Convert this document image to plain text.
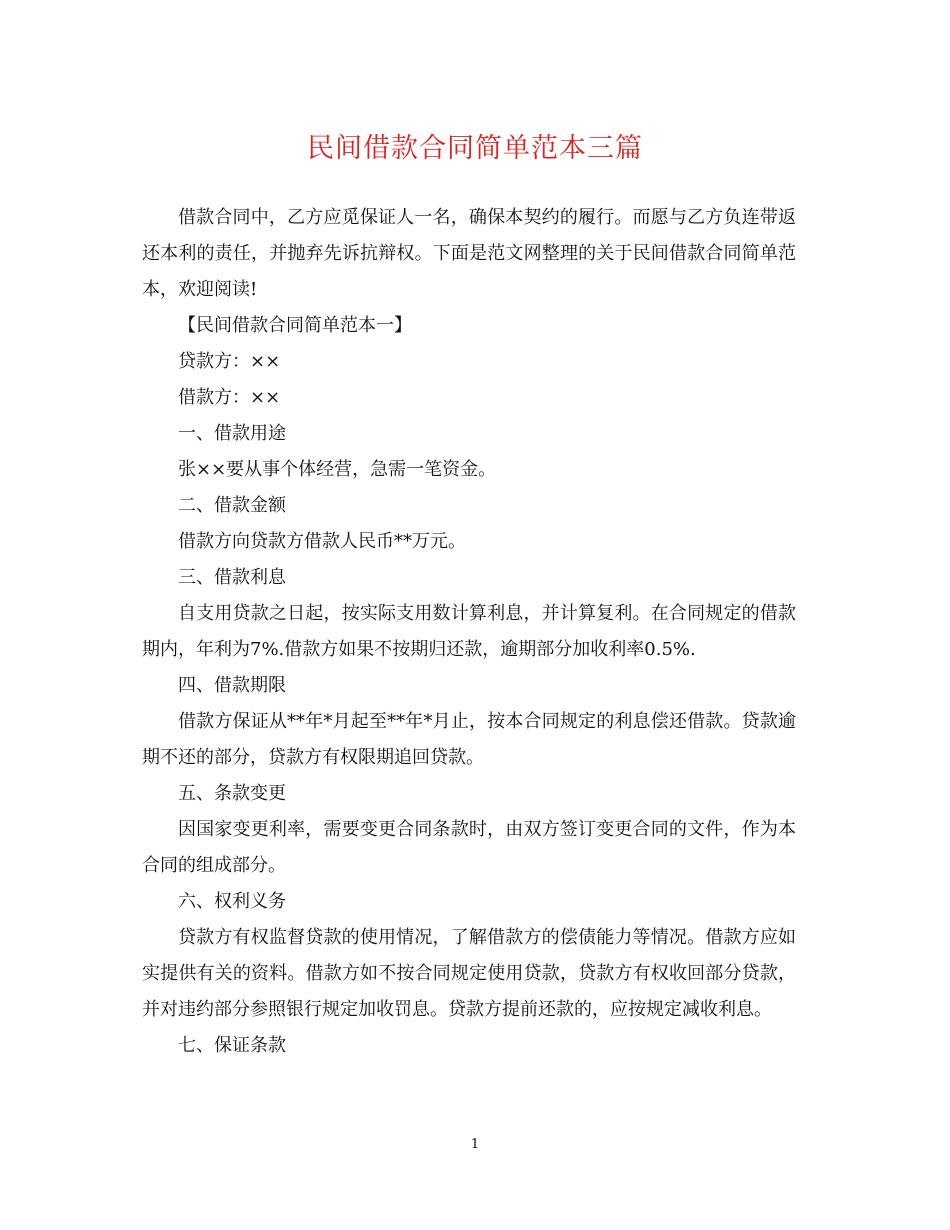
民间借款合同简单范本三篇

借款合同中，乙方应觅保证人一名，确保本契约的履行。而愿与乙方负连带返还本利的责任，并抛弃先诉抗辩权。下面是范文网整理的关于民间借款合同简单范本，欢迎阅读!

【民间借款合同简单范本一】

贷款方：××

借款方：××

一、借款用途

张××要从事个体经营，急需一笔资金。

二、借款金额

借款方向贷款方借款人民币**万元。

三、借款利息

自支用贷款之日起，按实际支用数计算利息，并计算复利。在合同规定的借款期内，年利为7%.借款方如果不按期归还款，逾期部分加收利率0.5%.

四、借款期限

借款方保证从**年*月起至**年*月止，按本合同规定的利息偿还借款。贷款逾期不还的部分，贷款方有权限期追回贷款。

五、条款变更

因国家变更利率，需要变更合同条款时，由双方签订变更合同的文件，作为本合同的组成部分。

六、权利义务

贷款方有权监督贷款的使用情况，了解借款方的偿债能力等情况。借款方应如实提供有关的资料。借款方如不按合同规定使用贷款，贷款方有权收回部分贷款，并对违约部分参照银行规定加收罚息。贷款方提前还款的，应按规定减收利息。

七、保证条款

1
